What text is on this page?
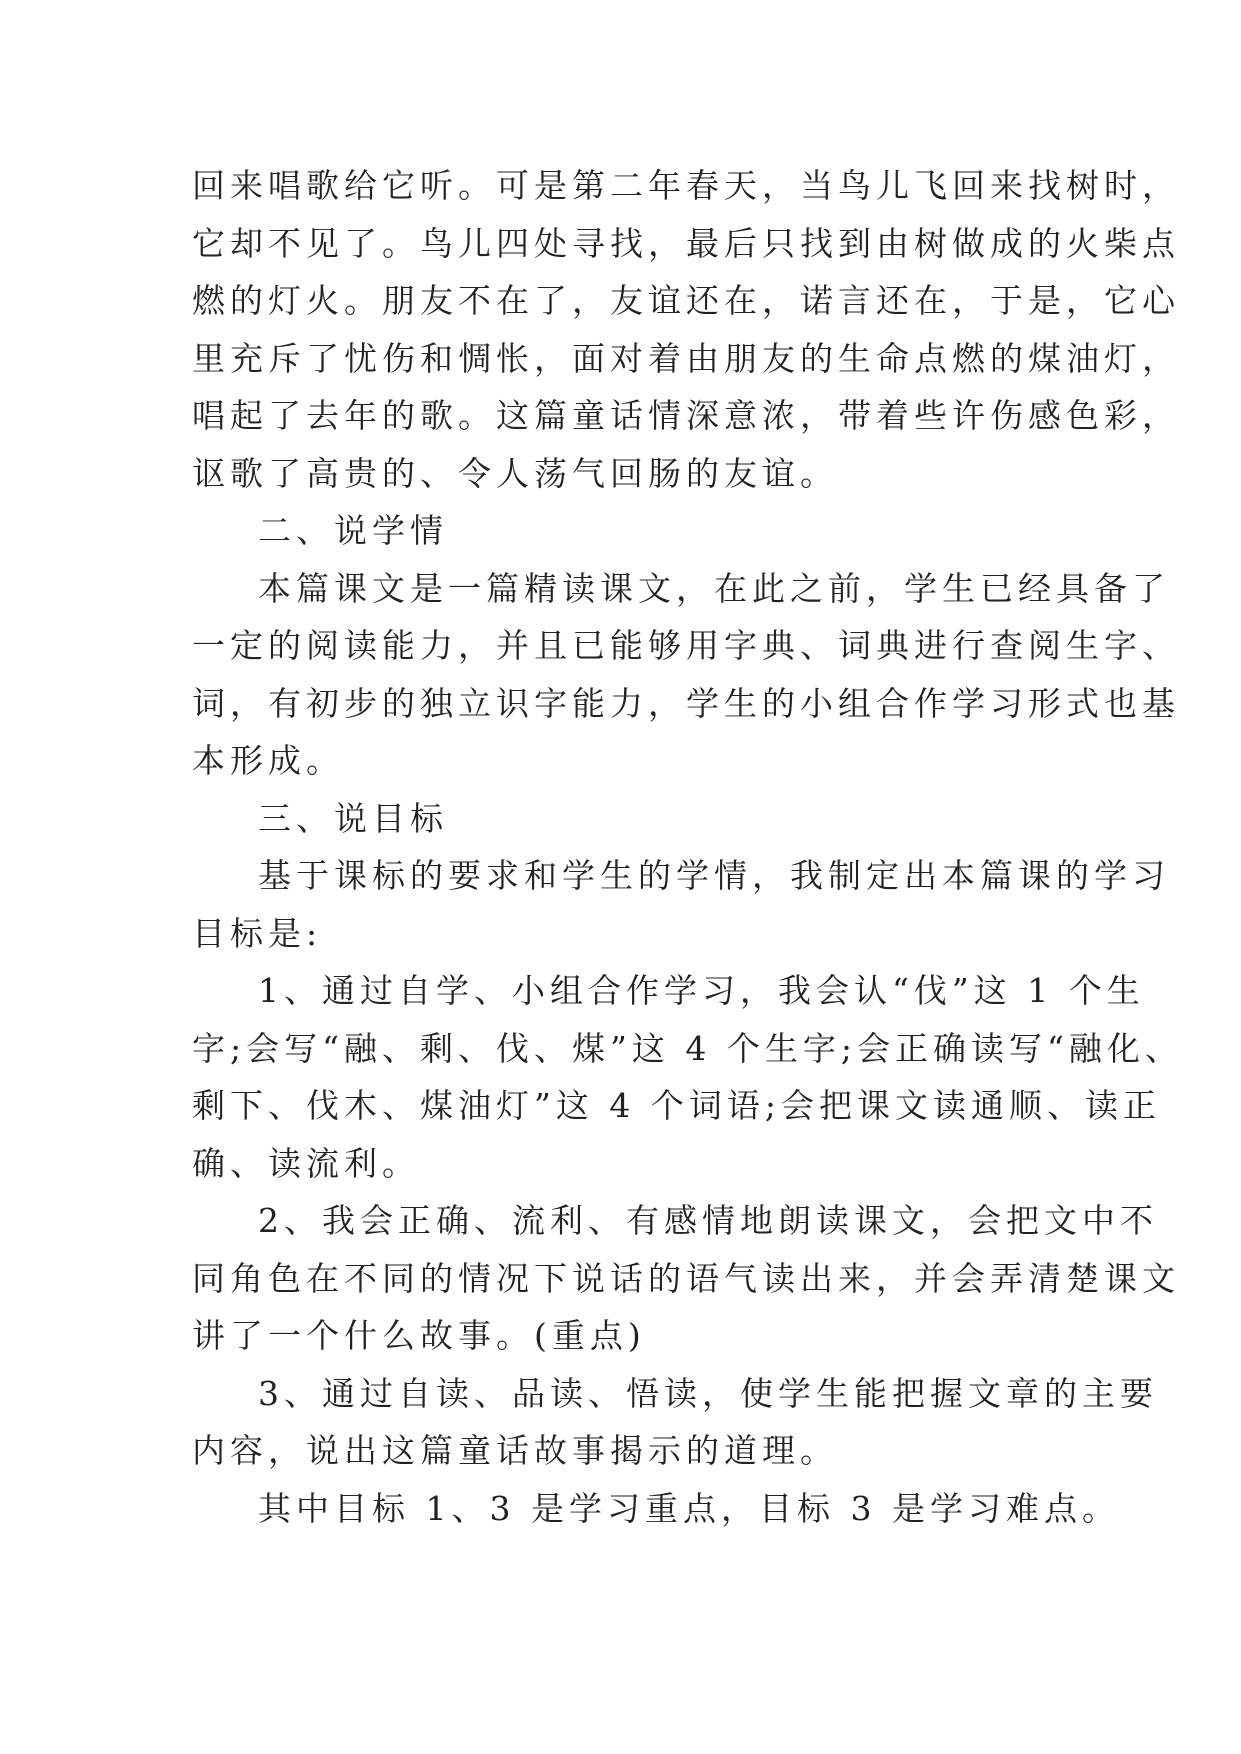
回来唱歌给它听。可是第二年春天，当鸟儿飞回来找树时，
它却不见了。鸟儿四处寻找，最后只找到由树做成的火柴点
燃的灯火。朋友不在了，友谊还在，诺言还在，于是，它心
里充斥了忧伤和惆怅，面对着由朋友的生命点燃的煤油灯，
唱起了去年的歌。这篇童话情深意浓，带着些许伤感色彩，
讴歌了高贵的、令人荡气回肠的友谊。
二、说学情
本篇课文是一篇精读课文，在此之前，学生已经具备了
一定的阅读能力，并且已能够用字典、词典进行查阅生字、
词，有初步的独立识字能力，学生的小组合作学习形式也基
本形成。
三、说目标
基于课标的要求和学生的学情，我制定出本篇课的学习
目标是:
1、通过自学、小组合作学习，我会认“伐”这 1 个生
字;会写“融、剩、伐、煤”这 4 个生字;会正确读写“融化、
剩下、伐木、煤油灯”这 4 个词语;会把课文读通顺、读正
确、读流利。
2、我会正确、流利、有感情地朗读课文，会把文中不
同角色在不同的情况下说话的语气读出来，并会弄清楚课文
讲了一个什么故事。(重点)
3、通过自读、品读、悟读，使学生能把握文章的主要
内容，说出这篇童话故事揭示的道理。
其中目标 1、3 是学习重点，目标 3 是学习难点。
